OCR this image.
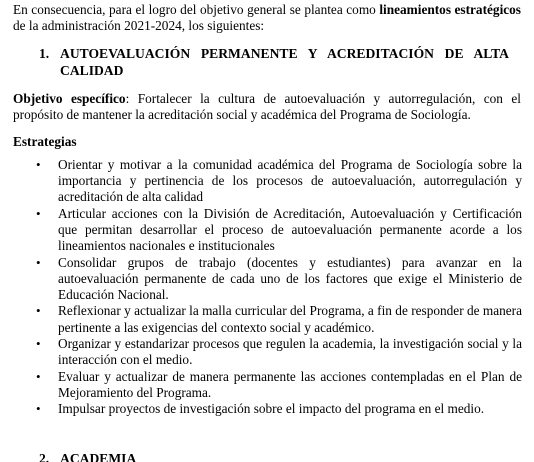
En consecuencia, para el logro del objetivo general se plantea como lineamientos estratégicos de la administración 2021-2024, los siguientes:

1. AUTOEVALUACIÓN PERMANENTE Y ACREDITACIÓN DE ALTA CALIDAD

Objetivo específico: Fortalecer la cultura de autoevaluación y autorregulación, con el propósito de mantener la acreditación social y académica del Programa de Sociología.

Estrategias

• Orientar y motivar a la comunidad académica del Programa de Sociología sobre la importancia y pertinencia de los procesos de autoevaluación, autorregulación y acreditación de alta calidad
• Articular acciones con la División de Acreditación, Autoevaluación y Certificación que permitan desarrollar el proceso de autoevaluación permanente acorde a los lineamientos nacionales e institucionales
• Consolidar grupos de trabajo (docentes y estudiantes) para avanzar en la autoevaluación permanente de cada uno de los factores que exige el Ministerio de Educación Nacional.
• Reflexionar y actualizar la malla curricular del Programa, a fin de responder de manera pertinente a las exigencias del contexto social y académico.
• Organizar y estandarizar procesos que regulen la academia, la investigación social y la interacción con el medio.
• Evaluar y actualizar de manera permanente las acciones contempladas en el Plan de Mejoramiento del Programa.
• Impulsar proyectos de investigación sobre el impacto del programa en el medio.
2. ACADEMIA
